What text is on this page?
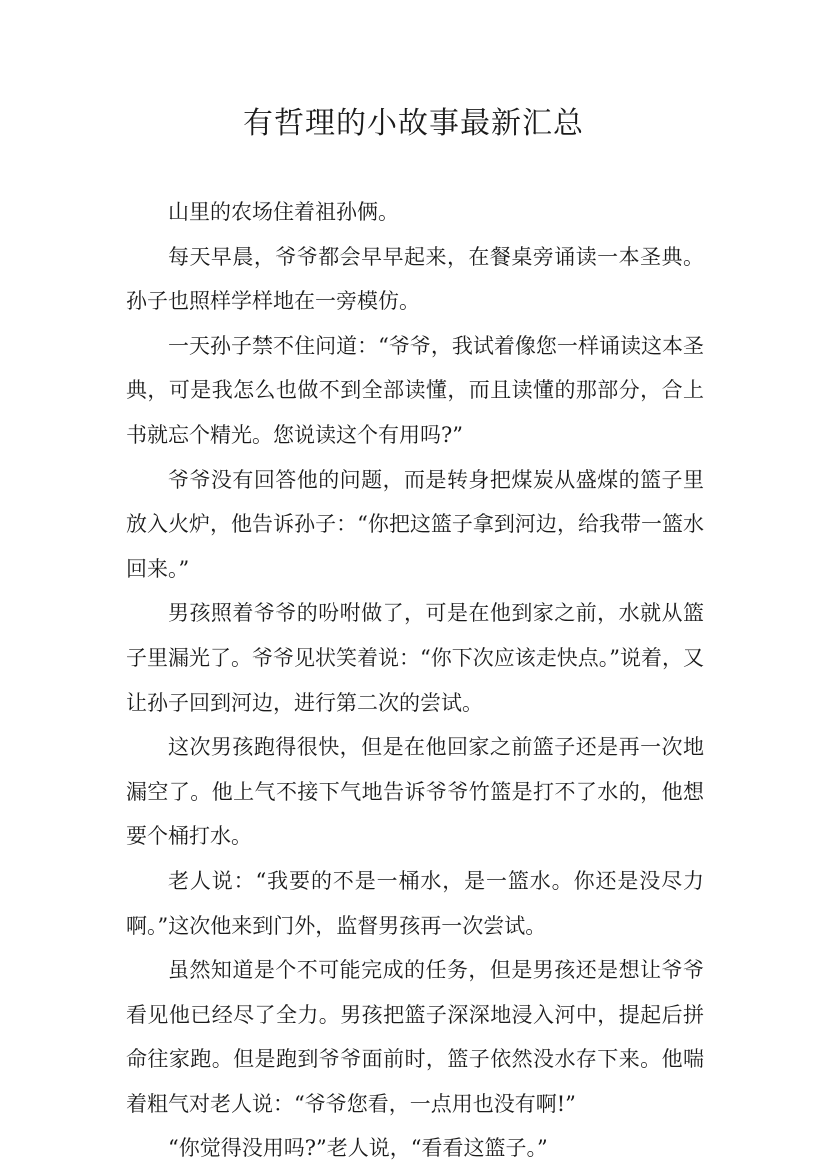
有哲理的小故事最新汇总

山里的农场住着祖孙俩。

每天早晨，爷爷都会早早起来，在餐桌旁诵读一本圣典。孙子也照样学样地在一旁模仿。

一天孙子禁不住问道：“爷爷，我试着像您一样诵读这本圣典，可是我怎么也做不到全部读懂，而且读懂的那部分，合上书就忘个精光。您说读这个有用吗?”

爷爷没有回答他的问题，而是转身把煤炭从盛煤的篮子里放入火炉，他告诉孙子：“你把这篮子拿到河边，给我带一篮水回来。”

男孩照着爷爷的吩咐做了，可是在他到家之前，水就从篮子里漏光了。爷爷见状笑着说：“你下次应该走快点。”说着，又让孙子回到河边，进行第二次的尝试。

这次男孩跑得很快，但是在他回家之前篮子还是再一次地漏空了。他上气不接下气地告诉爷爷竹篮是打不了水的，他想要个桶打水。

老人说：“我要的不是一桶水，是一篮水。你还是没尽力啊。”这次他来到门外，监督男孩再一次尝试。

虽然知道是个不可能完成的任务，但是男孩还是想让爷爷看见他已经尽了全力。男孩把篮子深深地浸入河中，提起后拼命往家跑。但是跑到爷爷面前时，篮子依然没水存下来。他喘着粗气对老人说：“爷爷您看，一点用也没有啊!”

“你觉得没用吗?”老人说，“看看这篮子。”
